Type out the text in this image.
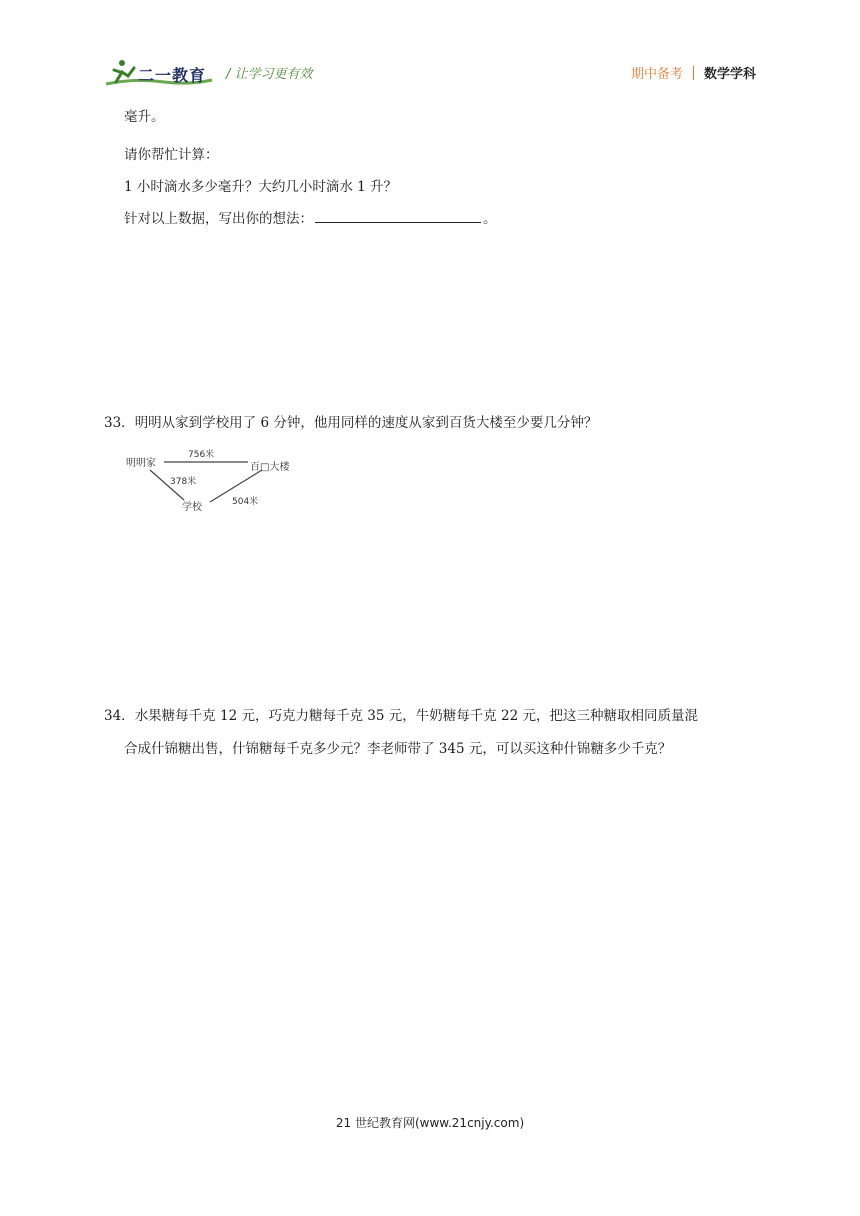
二一教育 / 让学习更有效	期中备考 数学学科
毫升。
请你帮忙计算：
1 小时滴水多少毫升？大约几小时滴水 1 升？
针对以上数据，写出你的想法：	。
33．明明从家到学校用了 6 分钟，他用同样的速度从家到百货大楼至少要几分钟？
明明家	百□大楼
学校
756米
378米
504米
34．水果糖每千克 12 元，巧克力糖每千克 35 元，牛奶糖每千克 22 元，把这三种糖取相同质量混
合成什锦糖出售，什锦糖每千克多少元？李老师带了 345 元，可以买这种什锦糖多少千克？
21 世纪教育网(www.21cnjy.com)
